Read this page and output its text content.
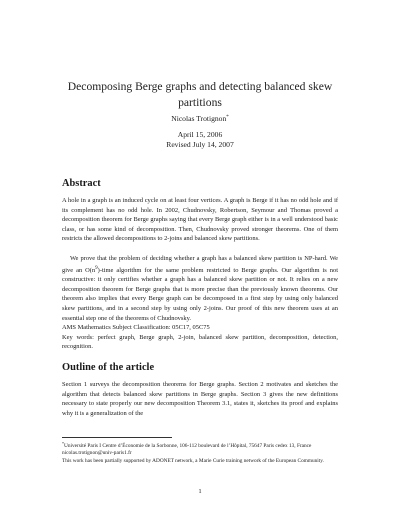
Decomposing Berge graphs and detecting balanced skew partitions
Nicolas Trotignon*
April 15, 2006
Revised July 14, 2007
Abstract

A hole in a graph is an induced cycle on at least four vertices. A graph is Berge if it has no odd hole and if its complement has no odd hole. In 2002, Chudnovsky, Robertson, Seymour and Thomas proved a decomposition theorem for Berge graphs saying that every Berge graph either is in a well understood basic class, or has some kind of decomposition. Then, Chudnovsky proved stronger theorems. One of them restricts the allowed decompositions to 2-joins and balanced skew partitions.

We prove that the problem of deciding whether a graph has a balanced skew partition is NP-hard. We give an $O(n^9)$-time algorithm for the same problem restricted to Berge graphs. Our algorithm is not constructive: it only certifies whether a graph has a balanced skew partition or not. It relies on a new decomposition theorem for Berge graphs that is more precise than the previously known theorems. Our theorem also implies that every Berge graph can be decomposed in a first step by using only balanced skew partitions, and in a second step by using only 2-joins. Our proof of this new theorem uses at an essential step one of the theorems of Chudnovsky.
AMS Mathematics Subject Classification: 05C17, 05C75
Key words: perfect graph, Berge graph, 2-join, balanced skew partition, decomposition, detection, recognition.
Outline of the article

Section 1 surveys the decomposition theorems for Berge graphs. Section 2 motivates and sketches the algorithm that detects balanced skew partitions in Berge graphs. Section 3 gives the new definitions necessary to state properly our new decomposition Theorem 3.1, states it, sketches its proof and explains why it is a generalization of the

*Université Paris I Centre d’Économie de la Sorbonne, 106-112 boulevard de l’Hôpital, 75647 Paris cedex 13, France
nicolas.trotignon@univ-paris1.fr
This work has been partially supported by ADONET network, a Marie Curie training network of the European Community.
1
